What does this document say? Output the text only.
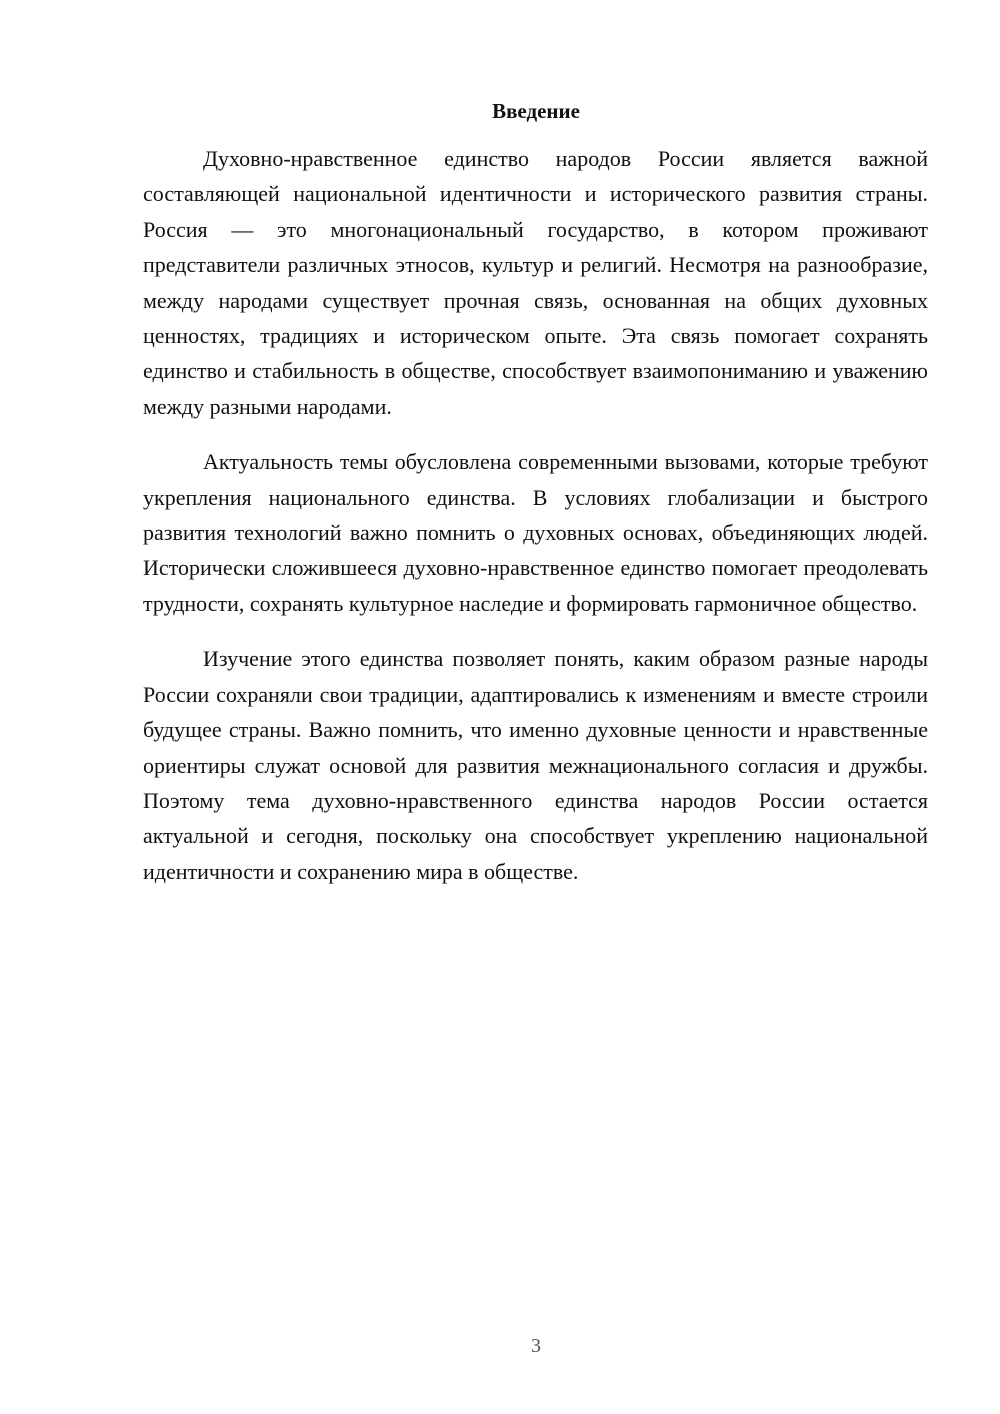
Введение

Духовно-нравственное единство народов России является важной составляющей национальной идентичности и исторического развития страны. Россия — это многонациональный государство, в котором проживают представители различных этносов, культур и религий. Несмотря на разнообразие, между народами существует прочная связь, основанная на общих духовных ценностях, традициях и историческом опыте. Эта связь помогает сохранять единство и стабильность в обществе, способствует взаимопониманию и уважению между разными народами.

Актуальность темы обусловлена современными вызовами, которые требуют укрепления национального единства. В условиях глобализации и быстрого развития технологий важно помнить о духовных основах, объединяющих людей. Исторически сложившееся духовно-нравственное единство помогает преодолевать трудности, сохранять культурное наследие и формировать гармоничное общество.

Изучение этого единства позволяет понять, каким образом разные народы России сохраняли свои традиции, адаптировались к изменениям и вместе строили будущее страны. Важно помнить, что именно духовные ценности и нравственные ориентиры служат основой для развития межнационального согласия и дружбы. Поэтому тема духовно-нравственного единства народов России остается актуальной и сегодня, поскольку она способствует укреплению национальной идентичности и сохранению мира в обществе.

3
